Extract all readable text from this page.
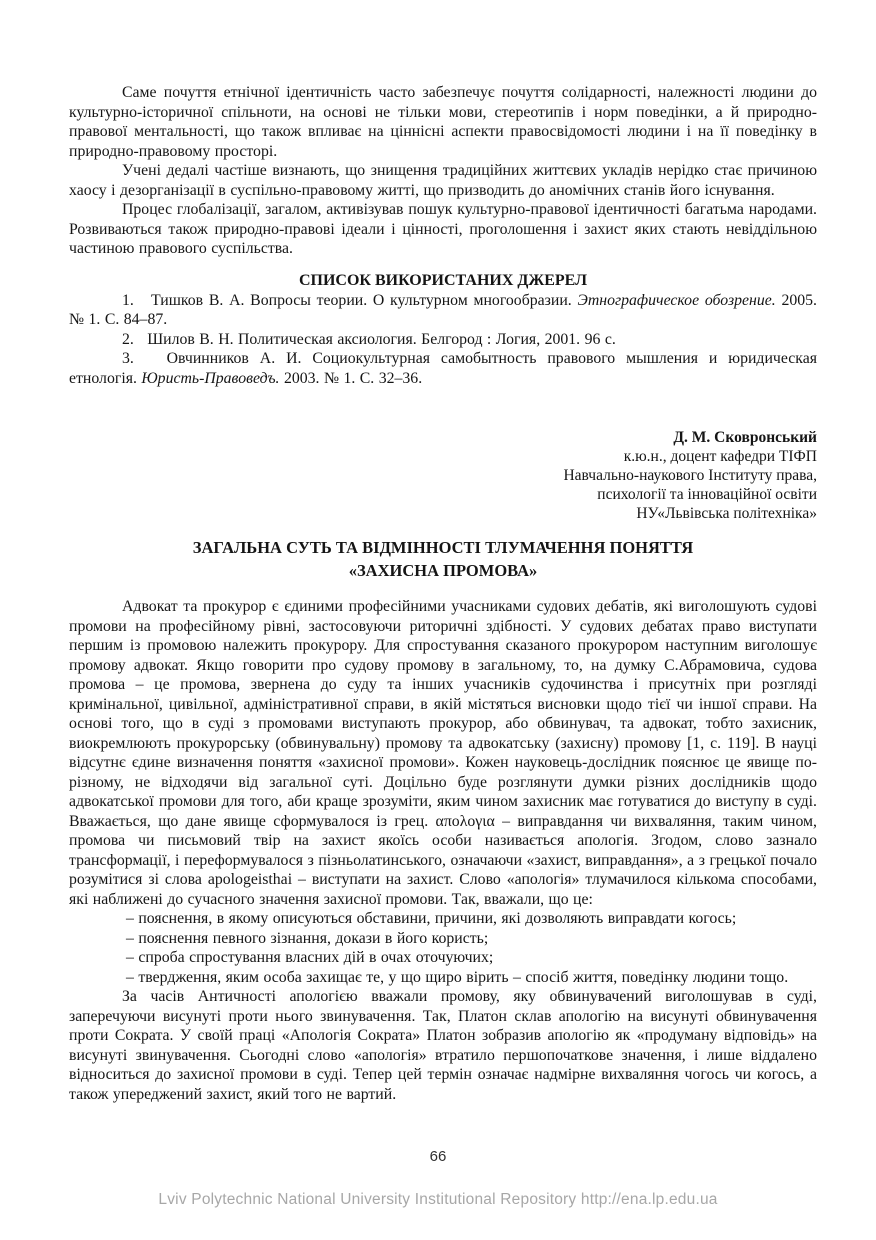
Саме почуття етнічної ідентичність часто забезпечує почуття солідарності, належності людини до культурно-історичної спільноти, на основі не тільки мови, стереотипів і норм поведінки, а й природно-правової ментальності, що також впливає на ціннісні аспекти правосвідомості людини і на її поведінку в природно-правовому просторі.

Учені дедалі частіше визнають, що знищення традиційних життєвих укладів нерідко стає причиною хаосу і дезорганізації в суспільно-правовому житті, що призводить до аномічних станів його існування.

Процес глобалізації, загалом, активізував пошук культурно-правової ідентичності багатьма народами. Розвиваються також природно-правові ідеали і цінності, проголошення і захист яких стають невіддільною частиною правового суспільства.

СПИСОК ВИКОРИСТАНИХ ДЖЕРЕЛ

1.   Тишков В. А. Вопросы теории. О культурном многообразии. Этнографическое обозрение. 2005. № 1. С. 84–87.

2.   Шилов В. Н. Политическая аксиология. Белгород : Логия, 2001. 96 с.

3.   Овчинников А. И. Социокультурная самобытность правового мышления и юридическая етнологія. Юристь-Правоведъ. 2003. № 1. С. 32–36.

Д. М. Сковронський
к.ю.н., доцент кафедри ТІФП
Навчально-наукового Інституту права,
психології та інноваційної освіти
НУ«Львівська політехніка»
ЗАГАЛЬНА СУТЬ ТА ВІДМІННОСТІ ТЛУМАЧЕННЯ ПОНЯТТЯ
«ЗАХИСНА ПРОМОВА»

Адвокат та прокурор є єдиними професійними учасниками судових дебатів, які виголошують судові промови на професійному рівні, застосовуючи риторичні здібності. У судових дебатах право виступати першим із промовою належить прокурору. Для спростування сказаного прокурором наступним виголошує промову адвокат. Якщо говорити про судову промову в загальному, то, на думку С.Абрамовича, судова промова – це промова, звернена до суду та інших учасників судочинства і присутніх при розгляді кримінальної, цивільної, адміністративної справи, в якій містяться висновки щодо тієї чи іншої справи. На основі того, що в суді з промовами виступають прокурор, або обвинувач, та адвокат, тобто захисник, виокремлюють прокурорську (обвинувальну) промову та адвокатську (захисну) промову [1, с. 119]. В науці відсутнє єдине визначення поняття «захисної промови». Кожен науковець-дослідник пояснює це явище по-різному, не відходячи від загальної суті. Доцільно буде розглянути думки різних дослідників щодо адвокатської промови для того, аби краще зрозуміти, яким чином захисник має готуватися до виступу в суді. Вважається, що дане явище сформувалося із грец. απολογια – виправдання чи вихваляння, таким чином, промова чи письмовий твір на захист якоїсь особи називається апологія. Згодом, слово зазнало трансформації, і переформувалося з пізньолатинського, означаючи «захист, виправдання», а з грецької почало розумітися зі слова apologeisthai – виступати на захист. Слово «апологія» тлумачилося кількома способами, які наближені до сучасного значення захисної промови. Так, вважали, що це:

– пояснення, в якому описуються обставини, причини, які дозволяють виправдати когось;

– пояснення певного зізнання, докази в його користь;

– спроба спростування власних дій в очах оточуючих;

– твердження, яким особа захищає те, у що щиро вірить – спосіб життя, поведінку людини тощо.

За часів Античності апологією вважали промову, яку обвинувачений виголошував в суді, заперечуючи висунуті проти нього звинувачення. Так, Платон склав апологію на висунуті обвинувачення проти Сократа. У своїй праці «Апологія Сократа» Платон зобразив апологію як «продуману відповідь» на висунуті звинувачення. Сьогодні слово «апологія» втратило першопочаткове значення, і лише віддалено відноситься до захисної промови в суді. Тепер цей термін означає надмірне вихваляння чогось чи когось, а також упереджений захист, який того не вартий.

66
Lviv Polytechnic National University Institutional Repository http://ena.lp.edu.ua
